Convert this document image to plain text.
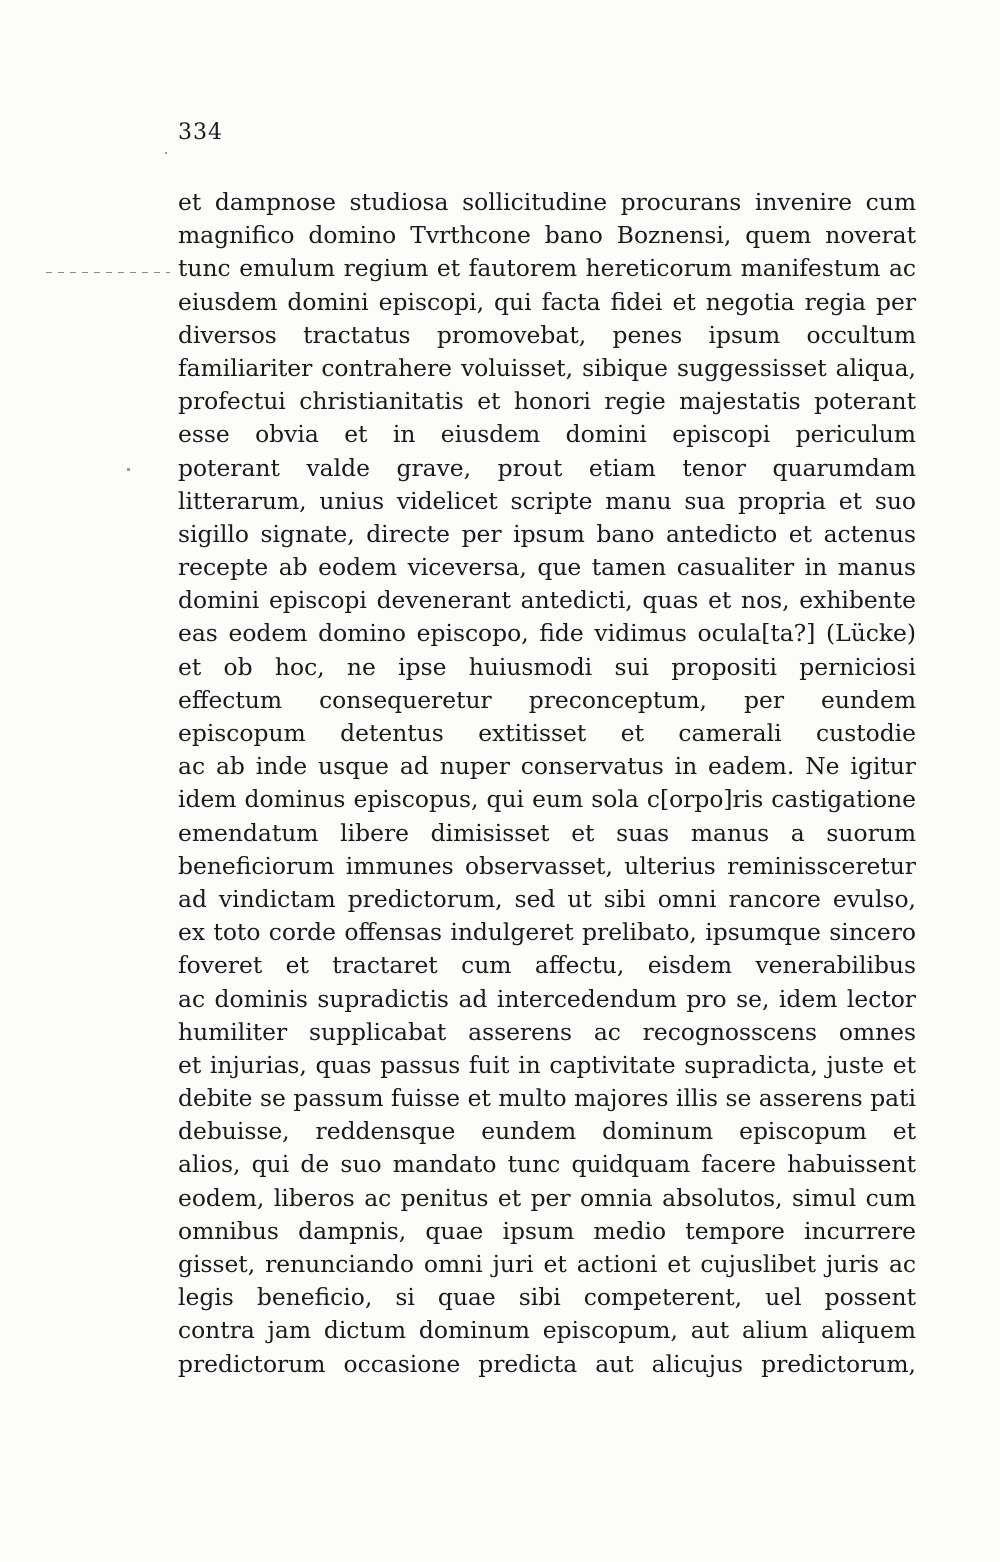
334
et dampnose studiosa sollicitudine procurans invenire cum
magnifico domino Tvrthcone bano Boznensi, quem noverat
tunc emulum regium et fautorem hereticorum manifestum ac
eiusdem domini episcopi, qui facta fidei et negotia regia per
diversos tractatus promovebat, penes ipsum occultum
familiariter contrahere voluisset, sibique suggessisset aliqua,
profectui christianitatis et honori regie majestatis poterant
esse obvia et in eiusdem domini episcopi periculum
poterant valde grave, prout etiam tenor quarumdam
litterarum, unius videlicet scripte manu sua propria et suo
sigillo signate, directe per ipsum bano antedicto et actenus
recepte ab eodem viceversa, que tamen casualiter in manus
domini episcopi devenerant antedicti, quas et nos, exhibente
eas eodem domino episcopo, fide vidimus ocula[ta?] (Lücke)
et ob hoc, ne ipse huiusmodi sui propositi perniciosi
effectum consequeretur preconceptum, per eundem
episcopum detentus extitisset et camerali custodie
ac ab inde usque ad nuper conservatus in eadem. Ne igitur
idem dominus episcopus, qui eum sola c[orpo]ris castigatione
emendatum libere dimisisset et suas manus a suorum
beneficiorum immunes observasset, ulterius reminissceretur
ad vindictam predictorum, sed ut sibi omni rancore evulso,
ex toto corde offensas indulgeret prelibato, ipsumque sincero
foveret et tractaret cum affectu, eisdem venerabilibus
ac dominis supradictis ad intercedendum pro se, idem lector
humiliter supplicabat asserens ac recognosscens omnes
et injurias, quas passus fuit in captivitate supradicta, juste et
debite se passum fuisse et multo majores illis se asserens pati
debuisse, reddensque eundem dominum episcopum et
alios, qui de suo mandato tunc quidquam facere habuissent
eodem, liberos ac penitus et per omnia absolutos, simul cum
omnibus dampnis, quae ipsum medio tempore incurrere
gisset, renunciando omni juri et actioni et cujuslibet juris ac
legis beneficio, si quae sibi competerent, uel possent
contra jam dictum dominum episcopum, aut alium aliquem
predictorum occasione predicta aut alicujus predictorum,
